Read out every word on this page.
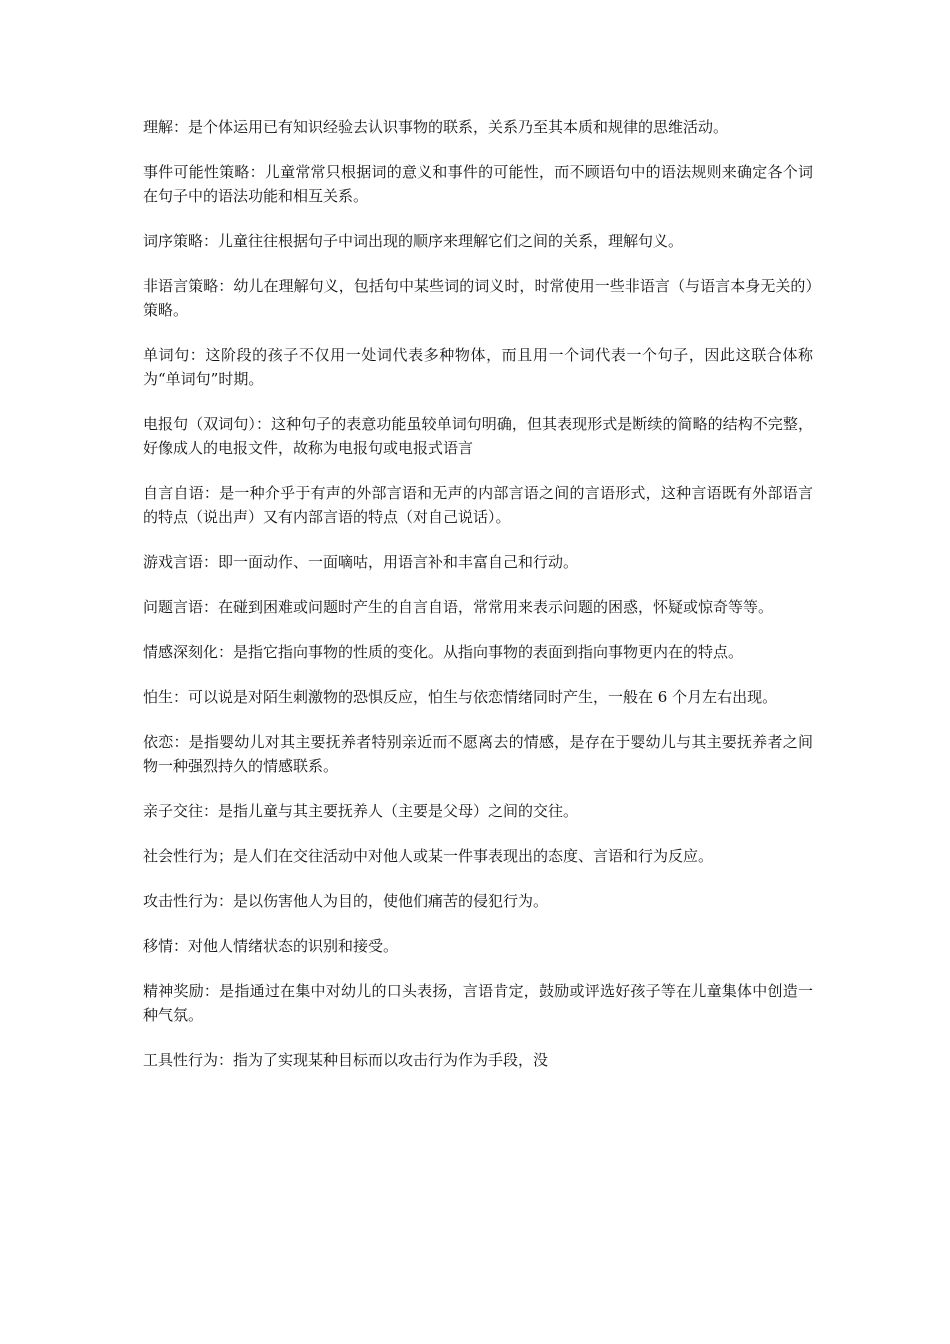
理解：是个体运用已有知识经验去认识事物的联系，关系乃至其本质和规律的思维活动。

事件可能性策略：儿童常常只根据词的意义和事件的可能性，而不顾语句中的语法规则来确定各个词在句子中的语法功能和相互关系。

词序策略：儿童往往根据句子中词出现的顺序来理解它们之间的关系，理解句义。

非语言策略：幼儿在理解句义，包括句中某些词的词义时，时常使用一些非语言（与语言本身无关的）策略。

单词句：这阶段的孩子不仅用一处词代表多种物体，而且用一个词代表一个句子，因此这联合体称为“单词句”时期。

电报句（双词句）：这种句子的表意功能虽较单词句明确，但其表现形式是断续的简略的结构不完整，好像成人的电报文件，故称为电报句或电报式语言

自言自语：是一种介乎于有声的外部言语和无声的内部言语之间的言语形式，这种言语既有外部语言的特点（说出声）又有内部言语的特点（对自己说话）。

游戏言语：即一面动作、一面嘀咕，用语言补和丰富自己和行动。

问题言语：在碰到困难或问题时产生的自言自语，常常用来表示问题的困惑，怀疑或惊奇等等。

情感深刻化：是指它指向事物的性质的变化。从指向事物的表面到指向事物更内在的特点。

怕生：可以说是对陌生刺激物的恐惧反应，怕生与依恋情绪同时产生，一般在 6 个月左右出现。

依恋：是指婴幼儿对其主要抚养者特别亲近而不愿离去的情感，是存在于婴幼儿与其主要抚养者之间物一种强烈持久的情感联系。

亲子交往：是指儿童与其主要抚养人（主要是父母）之间的交往。

社会性行为；是人们在交往活动中对他人或某一件事表现出的态度、言语和行为反应。

攻击性行为：是以伤害他人为目的，使他们痛苦的侵犯行为。

移情：对他人情绪状态的识别和接受。

精神奖励：是指通过在集中对幼儿的口头表扬，言语肯定，鼓励或评选好孩子等在儿童集体中创造一种气氛。

工具性行为：指为了实现某种目标而以攻击行为作为手段，没
